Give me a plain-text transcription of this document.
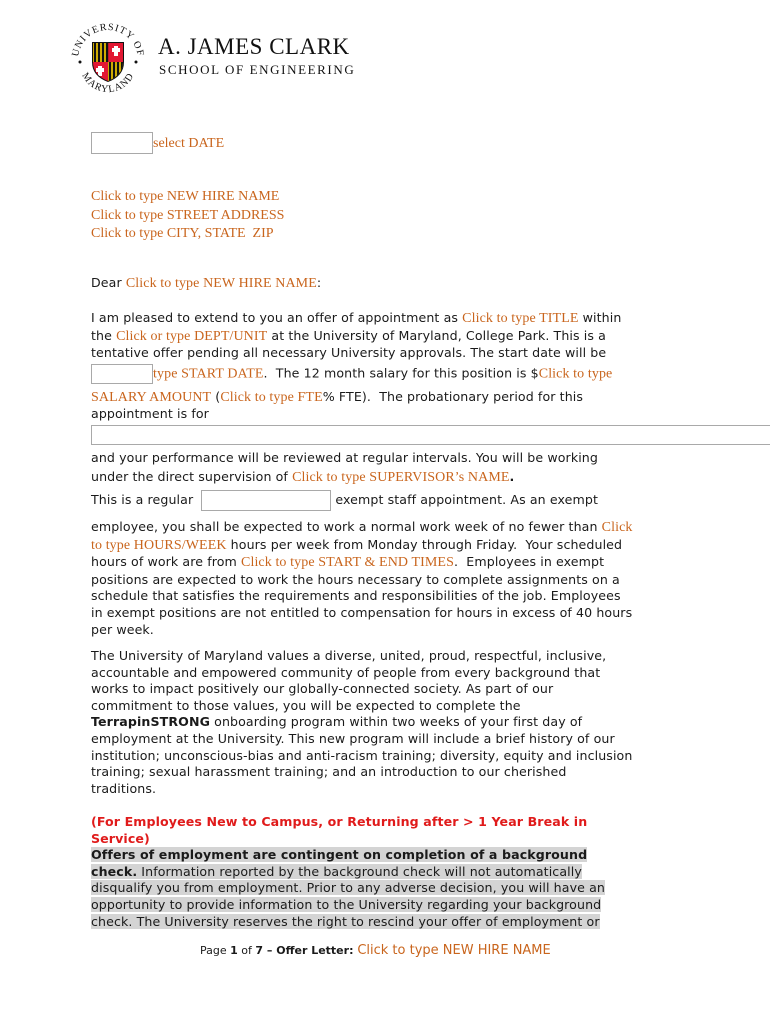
UNIVERSITY OF
MARYLAND
A. JAMES CLARK
SCHOOL OF ENGINEERING
select DATE
Click to type NEW HIRE NAME
Click to type STREET ADDRESS
Click to type CITY, STATE  ZIP
Dear Click to type NEW HIRE NAME:
I am pleased to extend to you an offer of appointment as Click to type TITLE within
the Click or type DEPT/UNIT at the University of Maryland, College Park. This is a
tentative offer pending all necessary University approvals. The start date will be
type START DATE.  The 12 month salary for this position is $Click to type
SALARY AMOUNT (Click to type FTE% FTE).  The probationary period for this
appointment is for
and your performance will be reviewed at regular intervals. You will be working
under the direct supervision of Click to type SUPERVISOR’s NAME.
This is a regular	exempt staff appointment. As an exempt
employee, you shall be expected to work a normal work week of no fewer than Click
to type HOURS/WEEK hours per week from Monday through Friday.  Your scheduled
hours of work are from Click to type START & END TIMES.  Employees in exempt
positions are expected to work the hours necessary to complete assignments on a
schedule that satisfies the requirements and responsibilities of the job. Employees
in exempt positions are not entitled to compensation for hours in excess of 40 hours
per week.
The University of Maryland values a diverse, united, proud, respectful, inclusive,
accountable and empowered community of people from every background that
works to impact positively our globally-connected society. As part of our
commitment to those values, you will be expected to complete the
TerrapinSTRONG onboarding program within two weeks of your first day of
employment at the University. This new program will include a brief history of our
institution; unconscious-bias and anti-racism training; diversity, equity and inclusion
training; sexual harassment training; and an introduction to our cherished
traditions.
(For Employees New to Campus, or Returning after > 1 Year Break in
Service)
Offers of employment are contingent on completion of a background
check. Information reported by the background check will not automatically
disqualify you from employment. Prior to any adverse decision, you will have an
opportunity to provide information to the University regarding your background
check. The University reserves the right to rescind your offer of employment or
Page 1 of 7 – Offer Letter: Click to type NEW HIRE NAME
